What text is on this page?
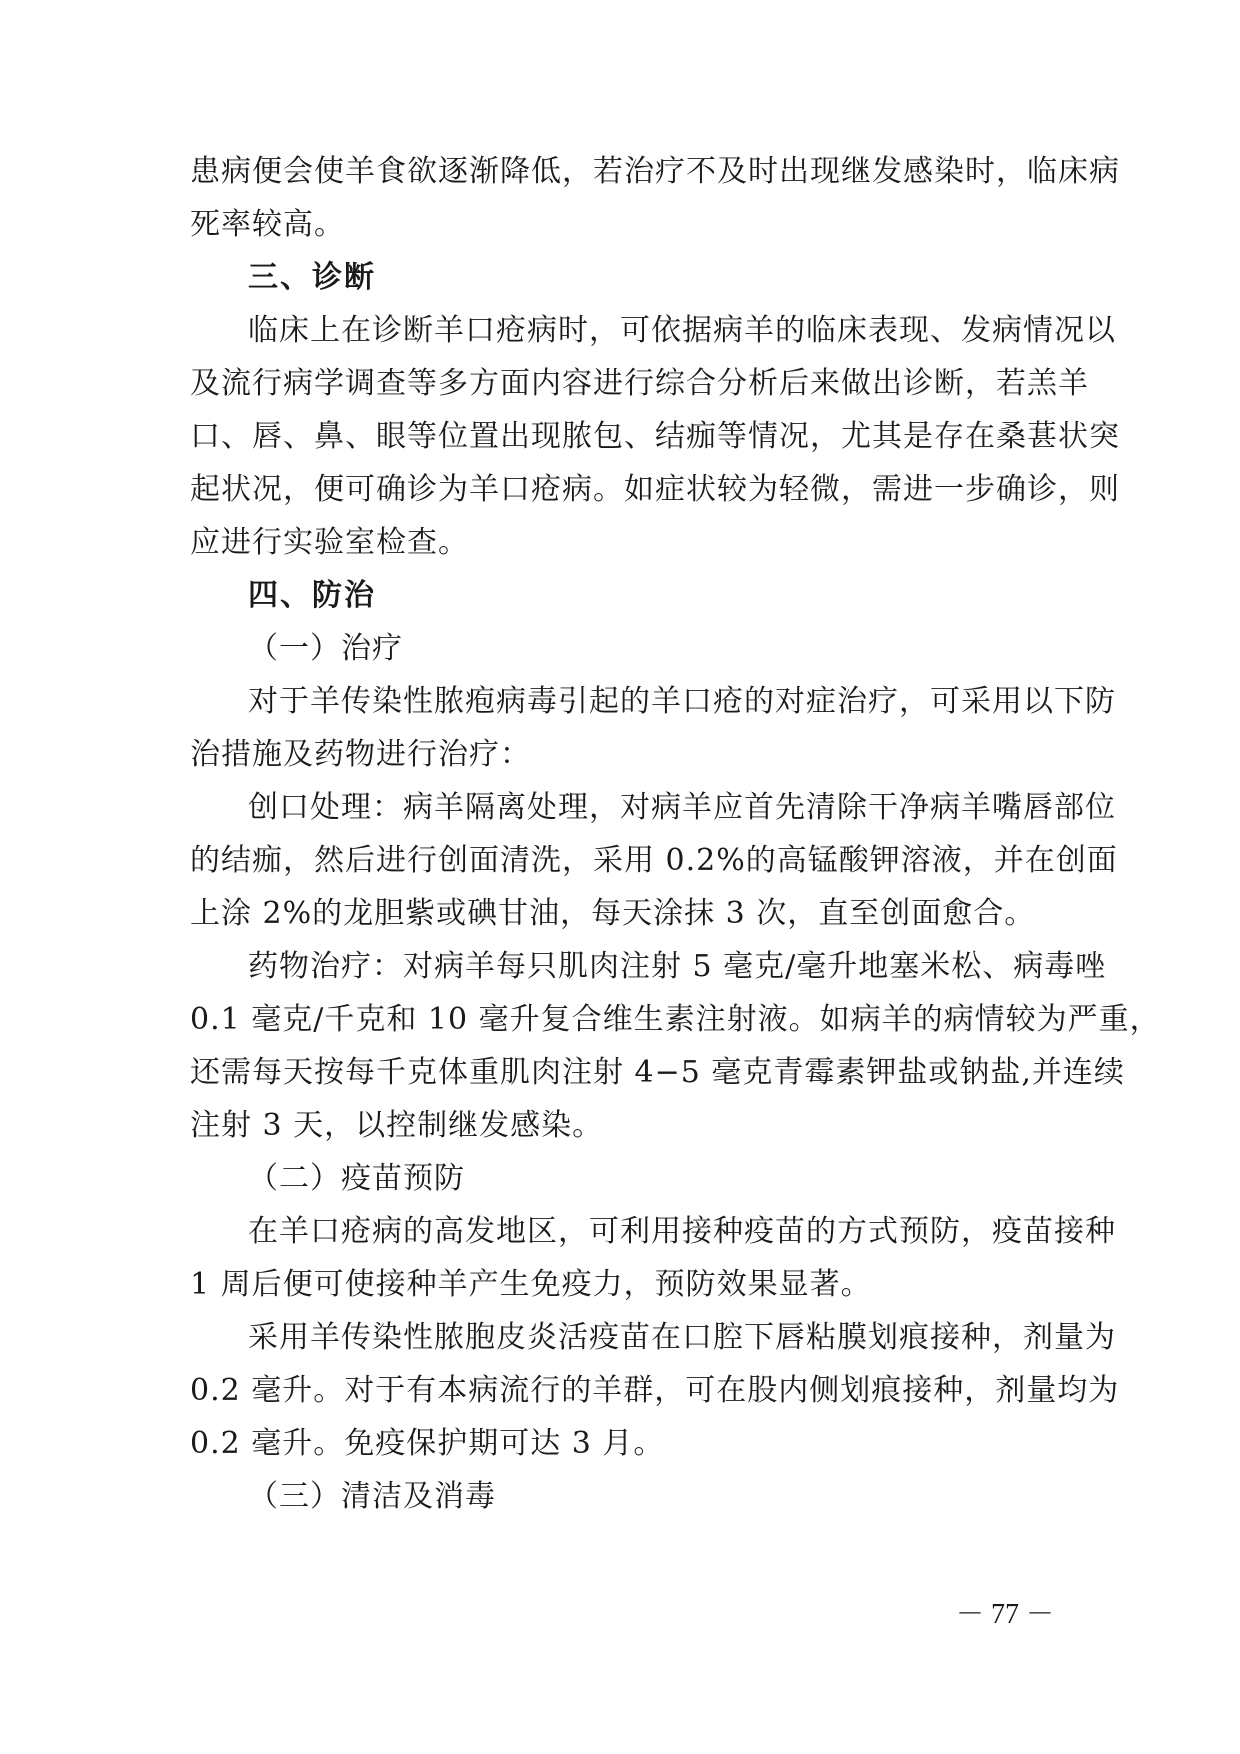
患病便会使羊食欲逐渐降低，若治疗不及时出现继发感染时，临床病
死率较高。
三、诊断
临床上在诊断羊口疮病时，可依据病羊的临床表现、发病情况以
及流行病学调查等多方面内容进行综合分析后来做出诊断，若羔羊
口、唇、鼻、眼等位置出现脓包、结痂等情况，尤其是存在桑葚状突
起状况，便可确诊为羊口疮病。如症状较为轻微，需进一步确诊，则
应进行实验室检查。
四、防治
（一）治疗
对于羊传染性脓疱病毒引起的羊口疮的对症治疗，可采用以下防
治措施及药物进行治疗：
创口处理：病羊隔离处理，对病羊应首先清除干净病羊嘴唇部位
的结痂，然后进行创面清洗，采用 0.2%的高锰酸钾溶液，并在创面
上涂 2%的龙胆紫或碘甘油，每天涂抹 3 次，直至创面愈合。
药物治疗：对病羊每只肌肉注射 5 毫克/毫升地塞米松、病毒唑
0.1 毫克/千克和 10 毫升复合维生素注射液。如病羊的病情较为严重，
还需每天按每千克体重肌肉注射 4−5 毫克青霉素钾盐或钠盐,并连续
注射 3 天，以控制继发感染。
（二）疫苗预防
在羊口疮病的高发地区，可利用接种疫苗的方式预防，疫苗接种
1 周后便可使接种羊产生免疫力，预防效果显著。
采用羊传染性脓胞皮炎活疫苗在口腔下唇粘膜划痕接种，剂量为
0.2 毫升。对于有本病流行的羊群，可在股内侧划痕接种，剂量均为
0.2 毫升。免疫保护期可达 3 月。
（三）清洁及消毒
－ 77 －
